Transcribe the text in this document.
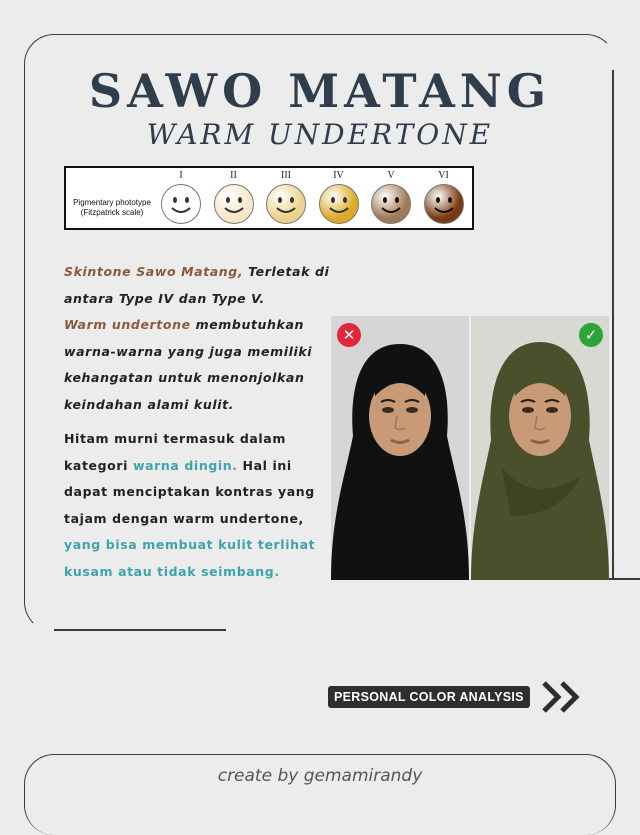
SAWO MATANG
WARM UNDERTONE
Pigmentary phototype
(Fitzpatrick scale)
I	II	III	IV	V	VI
Skintone Sawo Matang, Terletak di antara Type IV dan Type V.
Warm undertone membutuhkan warna-warna yang juga memiliki kehangatan untuk menonjolkan keindahan alami kulit.
Hitam murni termasuk dalam kategori warna dingin. Hal ini dapat menciptakan kontras yang tajam dengan warm undertone, yang bisa membuat kulit terlihat kusam atau tidak seimbang.
✕	✓
PERSONAL COLOR ANALYSIS
create by gemamirandy
